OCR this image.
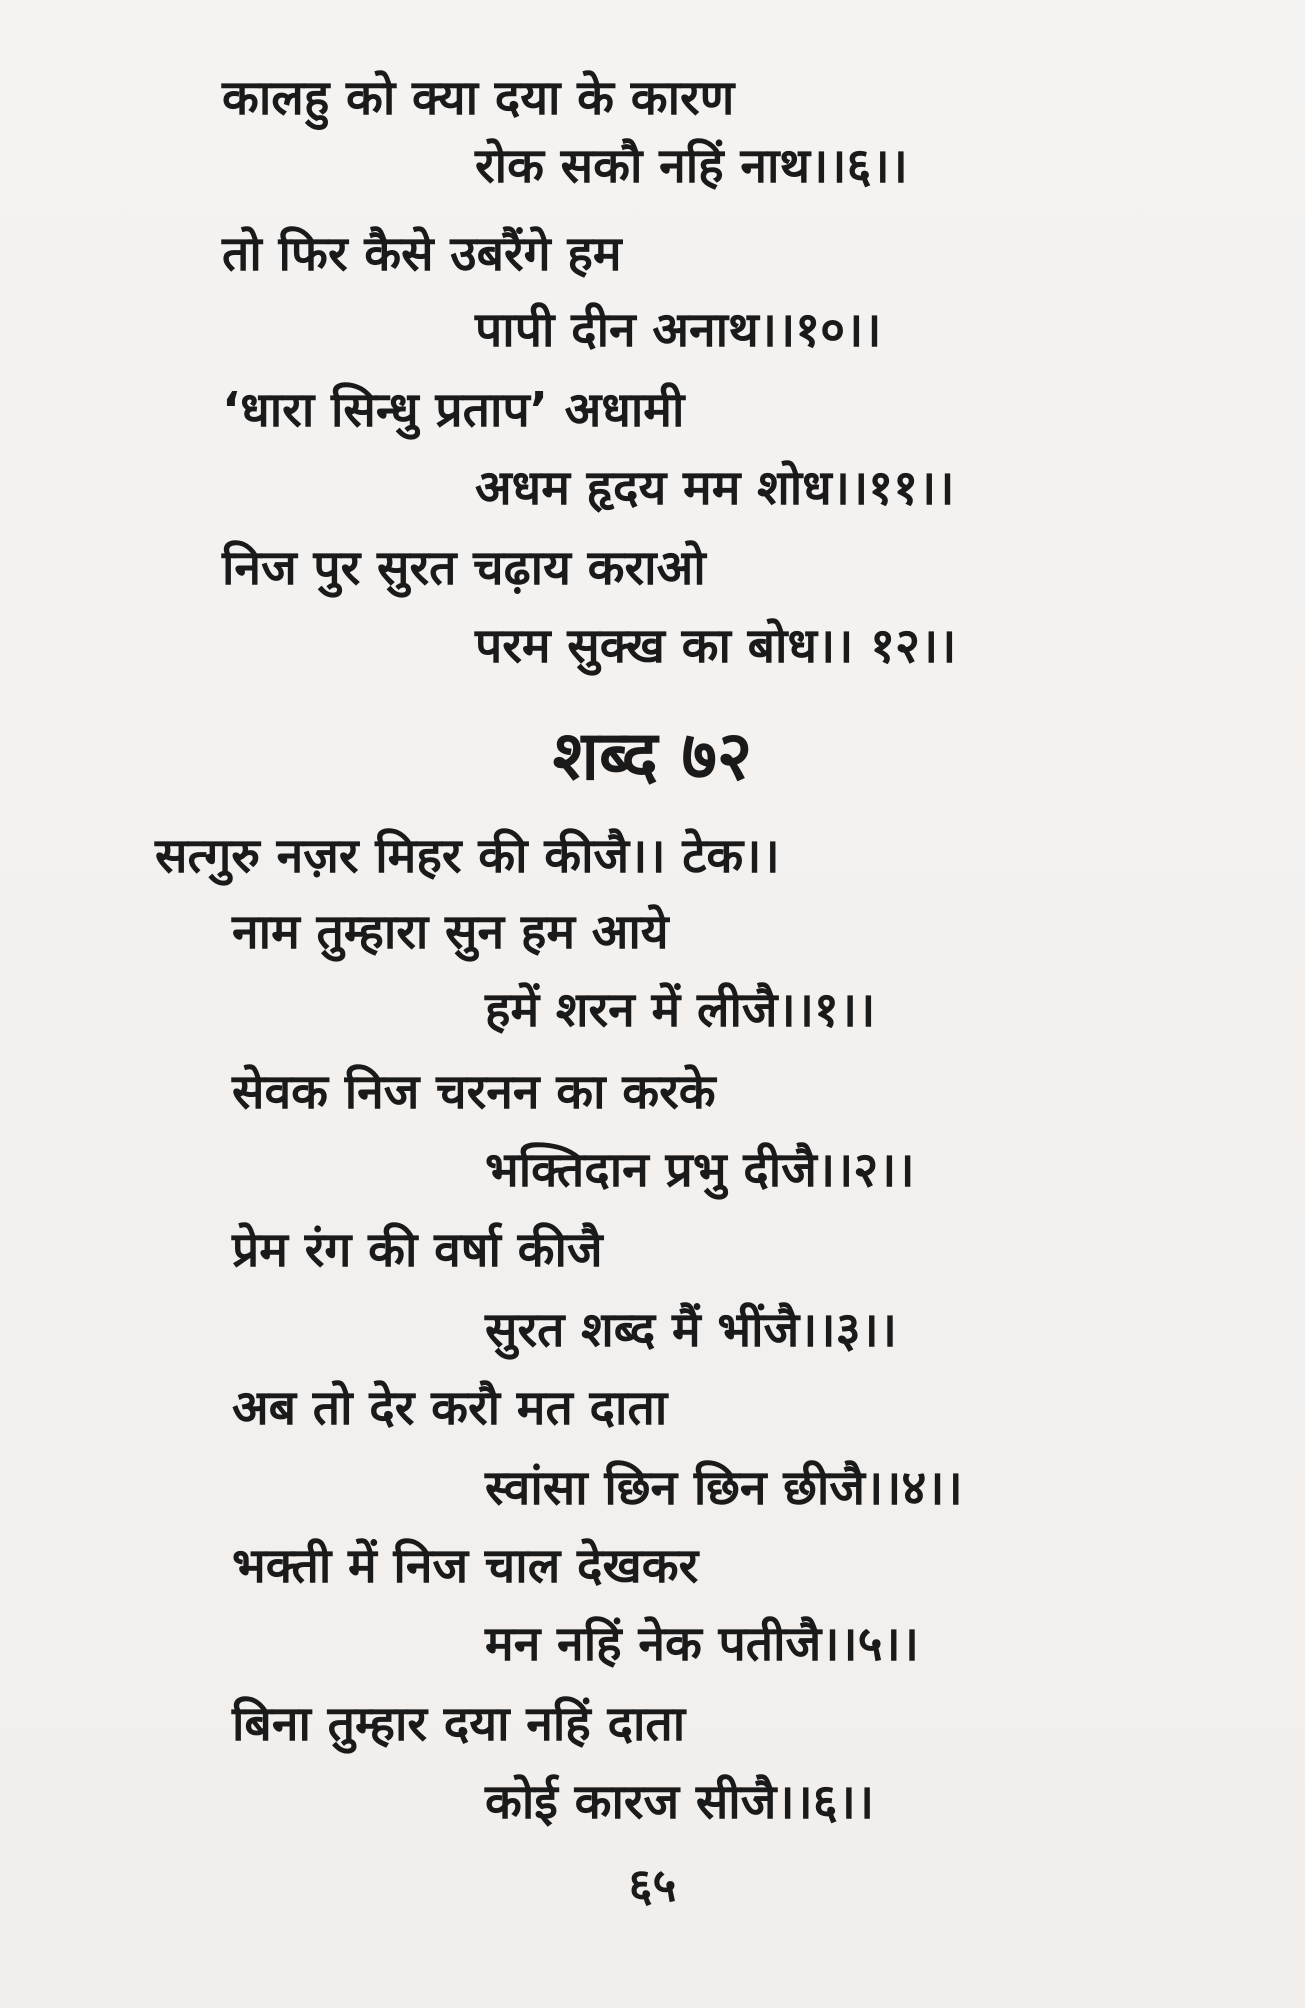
कालहु को क्या दया के कारण
रोक सकौ नहिं नाथ।।६।।
तो फिर कैसे उबरैंगे हम
पापी दीन अनाथ।।१०।।
‘धारा सिन्धु प्रताप’ अधामी
अधम हृदय मम शोध।।११।।
निज पुर सुरत चढ़ाय कराओ
परम सुक्ख का बोध।। १२।।
शब्द ७२
सत्गुरु नज़र मिहर की कीजै।। टेक।।
नाम तुम्हारा सुन हम आये
हमें शरन में लीजै।।१।।
सेवक निज चरनन का करके
भक्तिदान प्रभु दीजै।।२।।
प्रेम रंग की वर्षा कीजै
सुरत शब्द मैं भींजै।।३।।
अब तो देर करौ मत दाता
स्वांसा छिन छिन छीजै।।४।।
भक्ती में निज चाल देखकर
मन नहिं नेक पतीजै।।५।।
बिना तुम्हार दया नहिं दाता
कोई कारज सीजै।।६।।
६५
